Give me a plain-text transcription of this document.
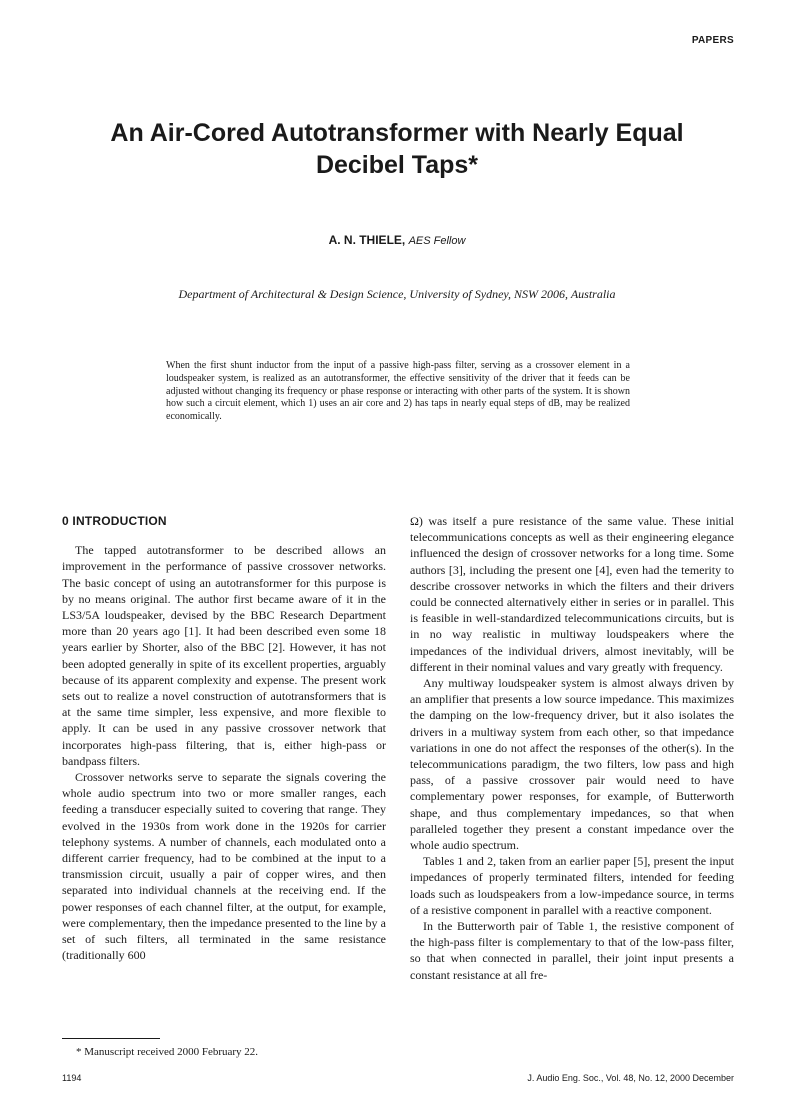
PAPERS
An Air-Cored Autotransformer with Nearly Equal
Decibel Taps*
A. N. THIELE, AES Fellow
Department of Architectural & Design Science, University of Sydney, NSW 2006, Australia
When the first shunt inductor from the input of a passive high-pass filter, serving as a crossover element in a loudspeaker system, is realized as an autotransformer, the effective sensitivity of the driver that it feeds can be adjusted without changing its frequency or phase response or interacting with other parts of the system. It is shown how such a circuit element, which 1) uses an air core and 2) has taps in nearly equal steps of dB, may be realized economically.
0 INTRODUCTION

The tapped autotransformer to be described allows an improvement in the performance of passive crossover networks. The basic concept of using an autotransformer for this purpose is by no means original. The author first became aware of it in the LS3/5A loudspeaker, devised by the BBC Research Department more than 20 years ago [1]. It had been described even some 18 years earlier by Shorter, also of the BBC [2]. However, it has not been adopted generally in spite of its excellent properties, arguably because of its apparent complexity and expense. The present work sets out to realize a novel construction of autotransformers that is at the same time simpler, less expensive, and more flexible to apply. It can be used in any passive crossover network that incorporates high-pass filtering, that is, either high-pass or bandpass filters.

Crossover networks serve to separate the signals covering the whole audio spectrum into two or more smaller ranges, each feeding a transducer especially suited to covering that range. They evolved in the 1930s from work done in the 1920s for carrier telephony systems. A number of channels, each modulated onto a different carrier frequency, had to be combined at the input to a transmission circuit, usually a pair of copper wires, and then separated into individual channels at the receiving end. If the power responses of each channel filter, at the output, for example, were complementary, then the impedance presented to the line by a set of such filters, all terminated in the same resistance (traditionally 600

Ω) was itself a pure resistance of the same value. These initial telecommunications concepts as well as their engineering elegance influenced the design of crossover networks for a long time. Some authors [3], including the present one [4], even had the temerity to describe crossover networks in which the filters and their drivers could be connected alternatively either in series or in parallel. This is feasible in well-standardized telecommunications circuits, but is in no way realistic in multiway loudspeakers where the impedances of the individual drivers, almost inevitably, will be different in their nominal values and vary greatly with frequency.

Any multiway loudspeaker system is almost always driven by an amplifier that presents a low source impedance. This maximizes the damping on the low-frequency driver, but it also isolates the drivers in a multiway system from each other, so that impedance variations in one do not affect the responses of the other(s). In the telecommunications paradigm, the two filters, low pass and high pass, of a passive crossover pair would need to have complementary power responses, for example, of Butterworth shape, and thus complementary impedances, so that when paralleled together they present a constant impedance over the whole audio spectrum.

Tables 1 and 2, taken from an earlier paper [5], present the input impedances of properly terminated filters, intended for feeding loads such as loudspeakers from a low-impedance source, in terms of a resistive component in parallel with a reactive component.

In the Butterworth pair of Table 1, the resistive component of the high-pass filter is complementary to that of the low-pass filter, so that when connected in parallel, their joint input presents a constant resistance at all fre-

* Manuscript received 2000 February 22.
1194	J. Audio Eng. Soc., Vol. 48, No. 12, 2000 December
